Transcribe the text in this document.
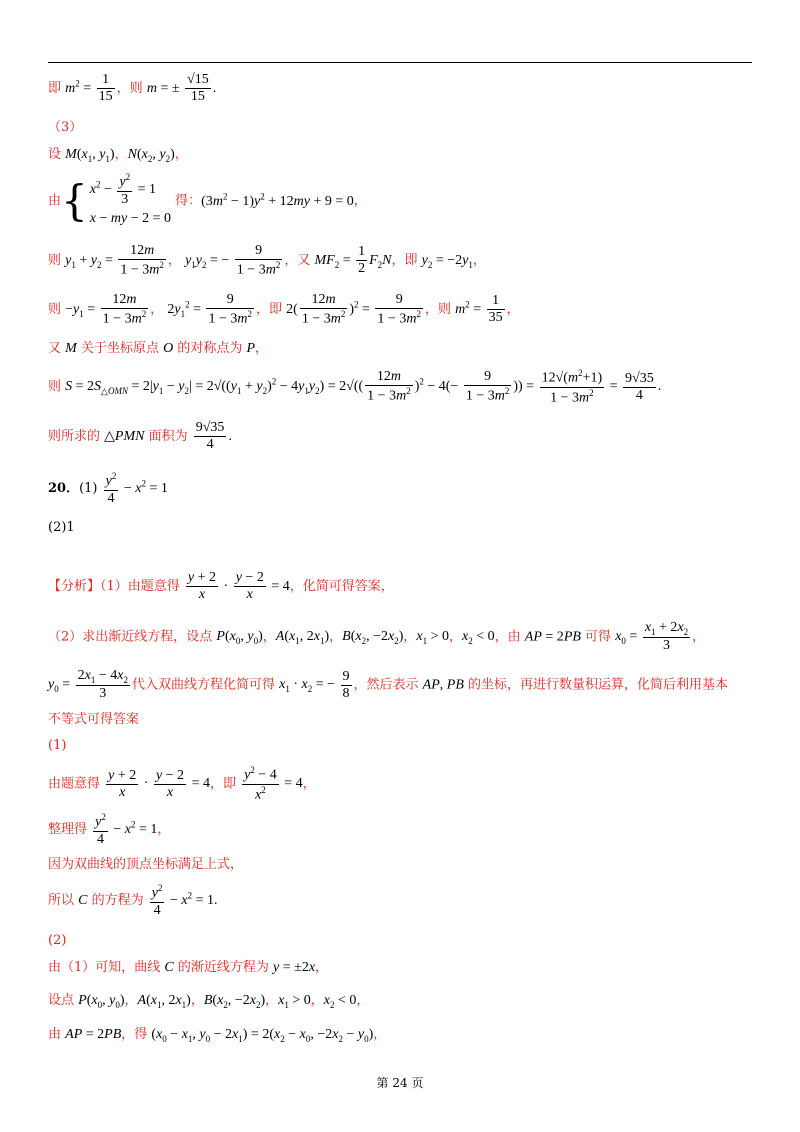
即 $m^2 = \frac{1}{15}$ ，则 m = ± $\frac{√15}{15}$ .
（3）
设 $M(x_1$, $y_1$)，$N(x_2$, $y_2$)，
由{ $x^2 - \frac{y^2}{3} = 1$
x − my − 2 = 0 得：$(3m^2 - 1)y^2 + 12my + 9 = 0$，
则 $y_1 + y_2 = \frac{12m}{1 - 3m^2}$ ， $y_1y_2$ = − $\frac{9}{1 - 3m^2}$ ，又 $MF_2 = \frac{1}{2} F_2N$，即 $y_2 = -2y_1$，
则 $-y_1 = \frac{12m}{1 - 3m^2}$ ， $2y_1^2 = \frac{9}{1 - 3m^2}$ ，即 $2( \frac{12m}{1 - 3m^2} )^2 = \frac{9}{1 - 3m^2}$ ，则 $m^2 = \frac{1}{35}$ ，
又 M 关于坐标原点 O 的对称点为 P，
则 $S = 2S_{\triangle OMN} = 2|y_1 - y_2| = 2√((y_1 + y_2)^2 - 4y_1y_2) = 2√(( \frac{12m}{1 - 3m^2} )^2 - 4(- \frac{9}{1 - 3m^2}$ )) = $\frac{12√(m^2+1)}{1 - 3m^2} = \frac{9√35}{4}$ .
则所求的 △PMN 面积为 $\frac{9√35}{4}$ .
20．$(1) \frac{y^2}{4} - x^2 = 1$
(2)1
【分析】（1）由题意得 $\frac{y + 2}{x} \cdot \frac{y - 2}{x} = 4$，化简可得答案，
（2）求出渐近线方程，设点 $P(x_0$, $y_0$)，$A(x_1$, $2x_1$)，$B(x_2$, $-2x_2$)，$x_1 > 0$，$x_2 < 0$，由 AP = 2PB 可得 $x_0 = \frac{x_1 + 2x_2}{3}$ ，
$y_0 = \frac{2x_1 - 4x_2}{3}$ 代入双曲线方程化简可得 $x_1 \cdot x_2$ = − $\frac{9}{8}$ ，然后表示 AP, PB 的坐标，再进行数量积运算，化简后利用基本
不等式可得答案
(1)
由题意得 $\frac{y + 2}{x} \cdot \frac{y - 2}{x} = 4$，即 $\frac{y^2 - 4}{x^2} = 4$，
整理得 $\frac{y^2}{4} - x^2 = 1$，
因为双曲线的顶点坐标满足上式，
所以 C 的方程为 $\frac{y^2}{4} - x^2 = 1$.
(2)
由（1）可知，曲线 C 的渐近线方程为 y = ±2x，
设点 $P(x_0$, $y_0$)，$A(x_1$, $2x_1$)，$B(x_2$, $-2x_2$)，$x_1 > 0$，$x_2 < 0$，
由 AP = 2PB，得 ($x_0 - x_1$, $y_0 - 2x_1) = 2(x_2 - x_0$, $-2x_2 - y_0$)，
第 24 页
